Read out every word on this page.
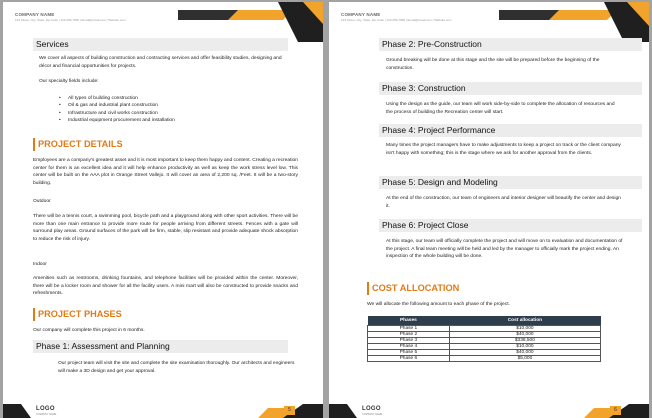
COMPANY NAME
123 Street, City, State, Zip Code | 123-456-7890 | Email@email.com | Website.com
Services
We cover all aspects of building construction and contracting services and offer feasibility studies, designing and décor and financial opportunities for projects.
Our specialty fields include:
• All types of building construction
• Oil & gas and industrial plant construction
• Infrastructure and civil works construction
• Industrial equipment procurement and installation
PROJECT DETAILS
Employees are a company's greatest asset and it is most important to keep them happy and content. Creating a recreation center for them is an excellent idea and it will help enhance productivity as well as keep the work stress level low. This center will be built on the AAA plot in Orange Street Vallejo. It will cover an area of 2,200 sq. /Feet. It will be a two-story building.
Outdoor
There will be a tennis court, a swimming pool, bicycle path and a playground along with other sport activities. There will be more than one main entrance to provide more route for people arriving from different streets. Fences with a gate will surround play areas. Ground surfaces of the park will be firm, stable, slip resistant and provide adequate shock absorption to reduce the risk of injury.
Indoor
Amenities such as restrooms, drinking fountains, and telephone facilities will be provided within the center. Moreover, there will be a locker room and shower for all the facility users. A mini mart will also be constructed to provide snacks and refreshments.
PROJECT PHASES
Our company will complete this project in 6 months.
Phase 1: Assessment and Planning
Our project team will visit the site and complete the site examination thoroughly. Our architects and engineers will make a 3D design and get your approval.
LOGO
COMPANY NAME
5
COMPANY NAME
123 Street, City, State, Zip Code | 123-456-7890 | Email@email.com | Website.com
Phase 2: Pre-Construction
Ground breaking will be done at this stage and the site will be prepared before the beginning of the construction.
Phase 3: Construction
Using the design as the guide, our team will work side-by-side to complete the allocation of resources and the process of building the Recreation center will start.
Phase 4: Project Performance
Many times the project managers have to make adjustments to keep a project on track or the client company isn't happy with something; this is the stage where we ask for another approval from the clients.
Phase 5: Design and Modeling
At the end of the construction, our team of engineers and interior designer will beautify the center and design it.
Phase 6: Project Close
At this stage, our team will officially complete the project and will move on to evaluation and documentation of the project. A final team meeting will be held and led by the manager to officially mark the project ending. An inspection of the whole building will be done.
COST ALLOCATION
We will allocate the following amount to each phase of the project.
Phases	Cost allocation
Phase 1	$10,000
Phase 2	$40,000
Phase 3	$338,500
Phase 4	$10,000
Phase 5	$40,000
Phase 6	$5,000
LOGO
COMPANY NAME
6
